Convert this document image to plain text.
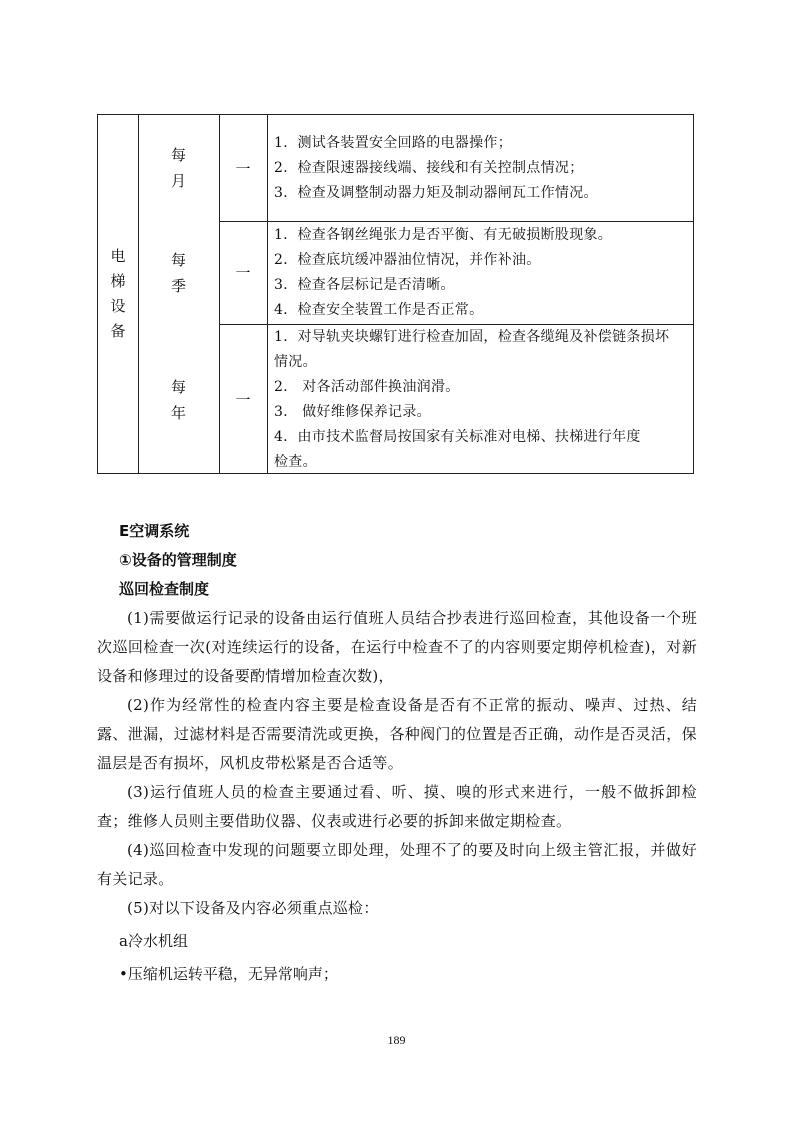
电
梯
设
备
每
月
一
1．测试各装置安全回路的电器操作；
2．检查限速器接线端、接线和有关控制点情况；
3．检查及调整制动器力矩及制动器闸瓦工作情况。
每
季
一
1．检查各钢丝绳张力是否平衡、有无破损断股现象。
2．检查底坑缓冲器油位情况，并作补油。
3．检查各层标记是否清晰。
4．检查安全装置工作是否正常。
每
年
一
1．对导轨夹块螺钉进行检查加固，检查各缆绳及补偿链条损坏
情况。
2． 对各活动部件换油润滑。
3． 做好维修保养记录。
4．由市技术监督局按国家有关标准对电梯、扶梯进行年度
检查。

E空调系统

①设备的管理制度

巡回检查制度

(1)需要做运行记录的设备由运行值班人员结合抄表进行巡回检查，其他设备一个班次巡回检查一次(对连续运行的设备，在运行中检查不了的内容则要定期停机检查)，对新设备和修理过的设备要酌情增加检查次数)，

(2)作为经常性的检查内容主要是检查设备是否有不正常的振动、噪声、过热、结露、泄漏，过滤材料是否需要清洗或更换，各种阀门的位置是否正确，动作是否灵活，保温层是否有损坏，风机皮带松紧是否合适等。

(3)运行值班人员的检查主要通过看、听、摸、嗅的形式来进行，一般不做拆卸检查；维修人员则主要借助仪器、仪表或进行必要的拆卸来做定期检查。

(4)巡回检查中发现的问题要立即处理，处理不了的要及时向上级主管汇报，并做好有关记录。

(5)对以下设备及内容必须重点巡检：

a冷水机组

•压缩机运转平稳，无异常响声；

189
